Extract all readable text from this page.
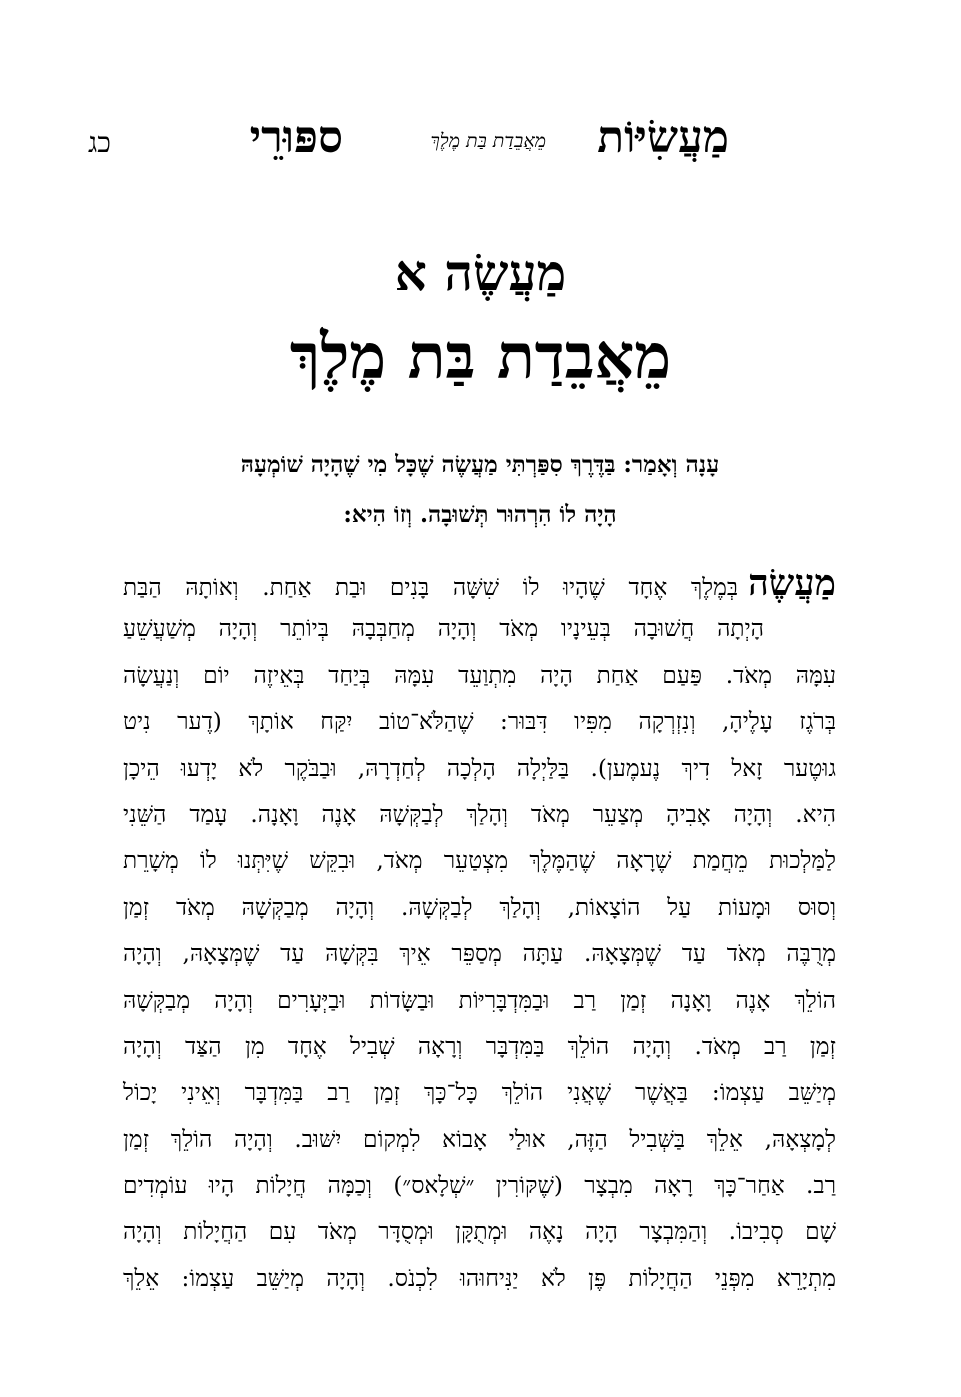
ספּוּרֵי	מֵאֲבֵדַת בַּת מֶלֶךְ מַעֲשִׂיּוֹת
כג
מַעֲשֶׂה א
מֵאֲבֵדַת בַּת מֶלֶךְ
עָנָה וְאָמַר: בַּדֶּרֶךְ סִפַּרְתִּי מַעֲשֶׂה שֶׁכָּל מִי שֶׁהָיָה שׁוֹמְעָהּ
הָיָה לוֹ הִרְהוּר תְּשׁוּבָה. וְזוֹ הִיא:
מַעֲשֶׂהבְּמֶלֶךְ אֶחָד שֶׁהָיוּ לוֹ שִׁשָּׁה בָּנִים וּבַת אַחַת. וְאוֹתָהּ הַבַּת
הָיְתָה חֲשׁוּבָה בְּעֵינָיו מְאֹד וְהָיָה מְחַבְּבָהּ בְּיוֹתֵר וְהָיָה מְשַׁעֲשֵׁעַ
עִמָּהּ מְאֹד. פַּעַם אַחַת הָיָה מִתְוַעֵד עִמָּהּ בְּיַחַד בְּאֵיזֶה יוֹם וְנַעֲשָׂה
בְּרֹגֶז עָלֶיהָ, וְנִזְרְקָה מִפִּיו דִּבּוּר: שֶׁהַלֹּא־טוֹב יִקַּח אוֹתָךְ (דֶער נִיט
גוּטֶער זָאל דִיךְ נֶעמֶען). בַּלַּיְלָה הָלְכָה לְחַדְרָהּ, וּבַבֹּקֶר לֹא יָדְעוּ הֵיכָן
הִיא. וְהָיָה אָבִיהָ מְצַעֵר מְאֹד וְהָלַךְ לְבַקְּשָׁהּ אָנֶה וָאָנָה. עָמַד הַשֵּׁנִי
לַמַּלְכוּת מֵחֲמַת שֶׁרָאָה שֶׁהַמֶּלֶךְ מִצְטַעֵר מְאֹד, וּבִקֵּשׁ שֶׁיִּתְּנוּ לוֹ מְשָׁרֵת
וְסוּס וּמָעוֹת עַל הוֹצָאוֹת, וְהָלַךְ לְבַקְּשָׁהּ. וְהָיָה מְבַקְּשָׁהּ מְאֹד זְמַן
מְרֻבֶּה מְאֹד עַד שֶׁמְּצָאָהּ. עַתָּה מְסַפֵּר אֵיךְ בִּקְּשָׁהּ עַד שֶׁמְּצָאָהּ, וְהָיָה
הוֹלֵךְ אָנֶה וָאָנָה זְמַן רַב וּבַמִּדְבָּרִיּוֹת וּבַשָּׂדוֹת וּבַיְּעָרִים וְהָיָה מְבַקְּשָׁהּ
זְמַן רַב מְאֹד. וְהָיָה הוֹלֵךְ בַּמִּדְבָּר וְרָאָה שְׁבִיל אֶחָד מִן הַצַּד וְהָיָה
מְיַשֵּׁב עַצְמוֹ: בַּאֲשֶׁר שֶׁאֲנִי הוֹלֵךְ כָּל־כָּךְ זְמַן רַב בַּמִּדְבָּר וְאֵינִי יָכוֹל
לְמָצְאָהּ, אֵלֵךְ בַּשְּׁבִיל הַזֶּה, אוּלַי אָבוֹא לִמְקוֹם יִשּׁוּב. וְהָיָה הוֹלֵךְ זְמַן
רַב. אַחַר־כָּךְ רָאָה מִבְצָר (שֶׁקּוֹרִין ״שְׁלָאס״) וְכַמָּה חֲיָלוֹת הָיוּ עוֹמְדִים
שָׁם סְבִיבוֹ. וְהַמִּבְצָר הָיָה נָאֶה וּמְתֻקָּן וּמְסֻדָּר מְאֹד עִם הַחֲיָלוֹת וְהָיָה
מִתְיָרֵא מִפְּנֵי הַחֲיָלוֹת פֶּן לֹא יַנִּיחוּהוּ לִכְנֹס. וְהָיָה מְיַשֵּׁב עַצְמוֹ: אֵלֵךְ
